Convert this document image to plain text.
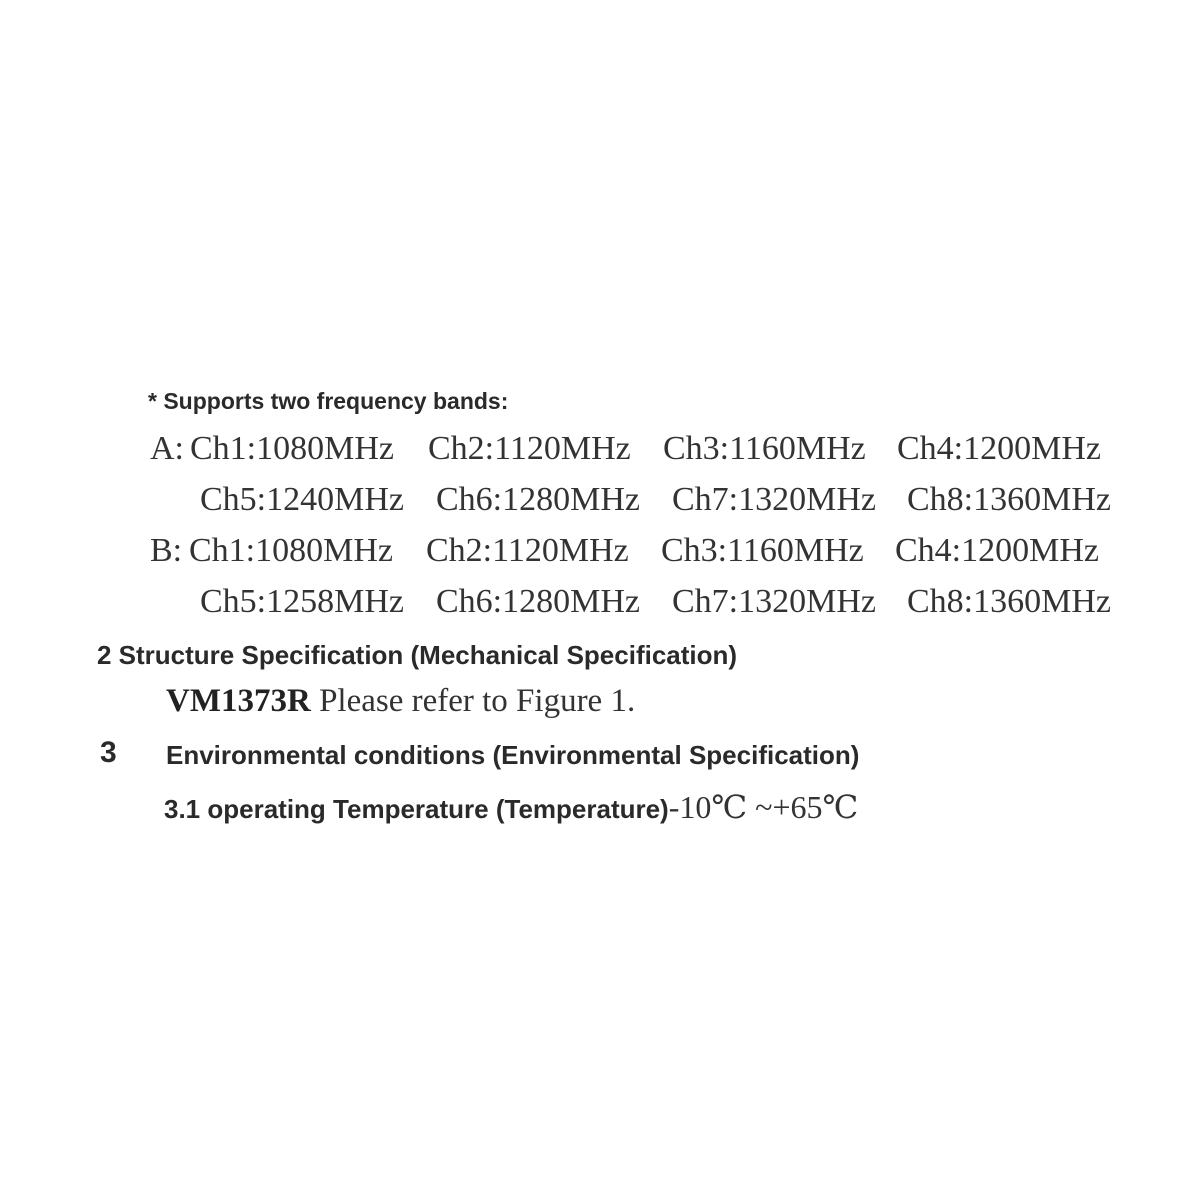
* Supports two frequency bands:
A: Ch1:1080MHz Ch2:1120MHz Ch3:1160MHz Ch4:1200MHz
Ch5:1240MHz Ch6:1280MHz Ch7:1320MHz Ch8:1360MHz
B: Ch1:1080MHz Ch2:1120MHz Ch3:1160MHz Ch4:1200MHz
Ch5:1258MHz Ch6:1280MHz Ch7:1320MHz Ch8:1360MHz
2 Structure Specification (Mechanical Specification)
VM1373R Please refer to Figure 1.
3 Environmental conditions (Environmental Specification)
3.1 operating Temperature (Temperature)-10℃ ~+65℃
